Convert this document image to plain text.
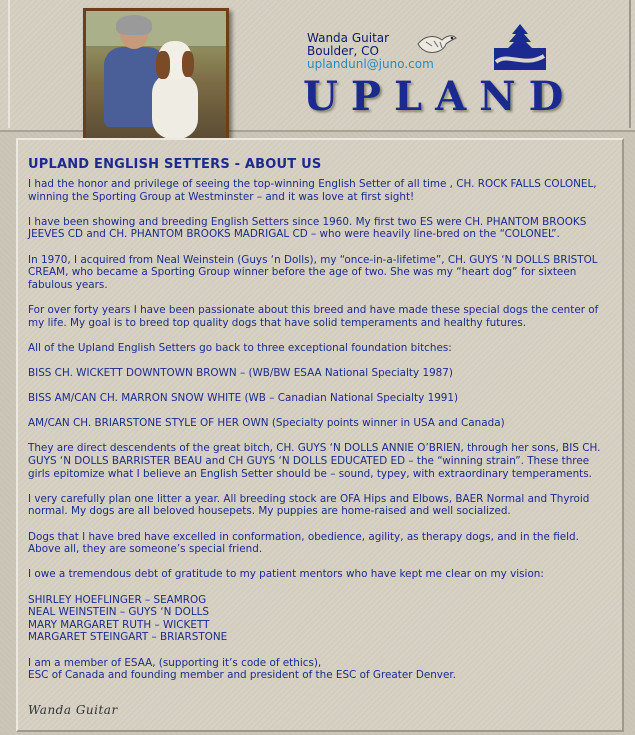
Wanda Guitar
Boulder, CO
uplandunl@juno.com
UPLAND
UPLAND ENGLISH SETTERS - ABOUT US

I had the honor and privilege of seeing the top-winning English Setter of all time , CH. ROCK FALLS COLONEL, winning the Sporting Group at Westminster – and it was love at first sight!

I have been showing and breeding English Setters since 1960. My first two ES were CH. PHANTOM BROOKS JEEVES CD and CH. PHANTOM BROOKS MADRIGAL CD – who were heavily line-bred on the “COLONEL”.

In 1970, I acquired from Neal Weinstein (Guys ‘n Dolls), my “once-in-a-lifetime”, CH. GUYS ‘N DOLLS BRISTOL CREAM, who became a Sporting Group winner before the age of two. She was my “heart dog” for sixteen fabulous years.

For over forty years I have been passionate about this breed and have made these special dogs the center of my life. My goal is to breed top quality dogs that have solid temperaments and healthy futures.

All of the Upland English Setters go back to three exceptional foundation bitches:

BISS CH. WICKETT DOWNTOWN BROWN – (WB/BW ESAA National Specialty 1987)

BISS AM/CAN CH. MARRON SNOW WHITE (WB – Canadian National Specialty 1991)

AM/CAN CH. BRIARSTONE STYLE OF HER OWN (Specialty points winner in USA and Canada)

They are direct descendents of the great bitch, CH. GUYS ‘N DOLLS ANNIE O’BRIEN, through her sons, BIS CH. GUYS ‘N DOLLS BARRISTER BEAU and CH GUYS ‘N DOLLS EDUCATED ED – the “winning strain”. These three girls epitomize what I believe an English Setter should be – sound, typey, with extraordinary temperaments.

I very carefully plan one litter a year. All breeding stock are OFA Hips and Elbows, BAER Normal and Thyroid normal. My dogs are all beloved housepets. My puppies are home-raised and well socialized.

Dogs that I have bred have excelled in conformation, obedience, agility, as therapy dogs, and in the field. Above all, they are someone’s special friend.

I owe a tremendous debt of gratitude to my patient mentors who have kept me clear on my vision:

SHIRLEY HOEFLINGER – SEAMROG

NEAL WEINSTEIN – GUYS ‘N DOLLS

MARY MARGARET RUTH – WICKETT

MARGARET STEINGART – BRIARSTONE

I am a member of ESAA, (supporting it’s code of ethics),

ESC of Canada and founding member and president of the ESC of Greater Denver.

Wanda Guitar
